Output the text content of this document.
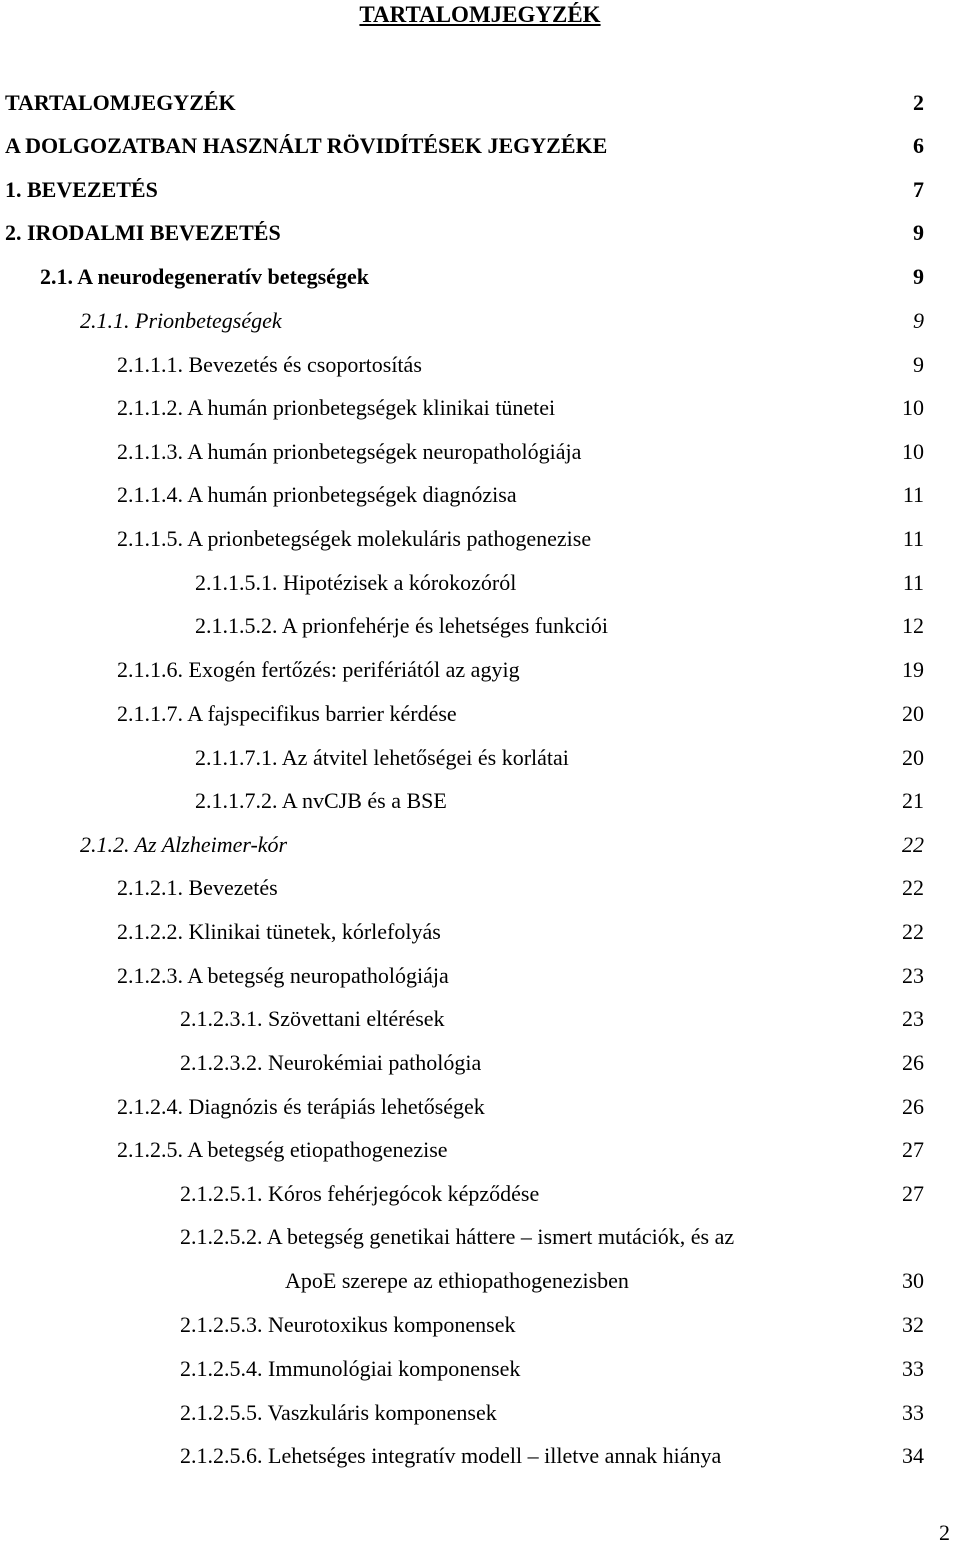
TARTALOMJEGYZÉK
TARTALOMJEGYZÉK	2
A DOLGOZATBAN HASZNÁLT RÖVIDÍTÉSEK JEGYZÉKE	6
1. BEVEZETÉS	7
2. IRODALMI BEVEZETÉS	9
2.1. A neurodegeneratív betegségek	9
2.1.1. Prionbetegségek	9
2.1.1.1. Bevezetés és csoportosítás	9
2.1.1.2. A humán prionbetegségek klinikai tünetei	10
2.1.1.3. A humán prionbetegségek neuropathológiája	10
2.1.1.4. A humán prionbetegségek diagnózisa	11
2.1.1.5. A prionbetegségek molekuláris pathogenezise	11
2.1.1.5.1. Hipotézisek a kórokozóról	11
2.1.1.5.2. A prionfehérje és lehetséges funkciói	12
2.1.1.6. Exogén fertőzés: perifériától az agyig	19
2.1.1.7. A fajspecifikus barrier kérdése	20
2.1.1.7.1. Az átvitel lehetőségei és korlátai	20
2.1.1.7.2. A nvCJB és a BSE	21
2.1.2. Az Alzheimer-kór	22
2.1.2.1. Bevezetés	22
2.1.2.2. Klinikai tünetek, kórlefolyás	22
2.1.2.3. A betegség neuropathológiája	23
2.1.2.3.1. Szövettani eltérések	23
2.1.2.3.2. Neurokémiai pathológia	26
2.1.2.4. Diagnózis és terápiás lehetőségek	26
2.1.2.5. A betegség etiopathogenezise	27
2.1.2.5.1. Kóros fehérjegócok képződése	27
2.1.2.5.2. A betegség genetikai háttere – ismert mutációk, és az
ApoE szerepe az ethiopathogenezisben	30
2.1.2.5.3. Neurotoxikus komponensek	32
2.1.2.5.4. Immunológiai komponensek	33
2.1.2.5.5. Vaszkuláris komponensek	33
2.1.2.5.6. Lehetséges integratív modell – illetve annak hiánya	34
2
